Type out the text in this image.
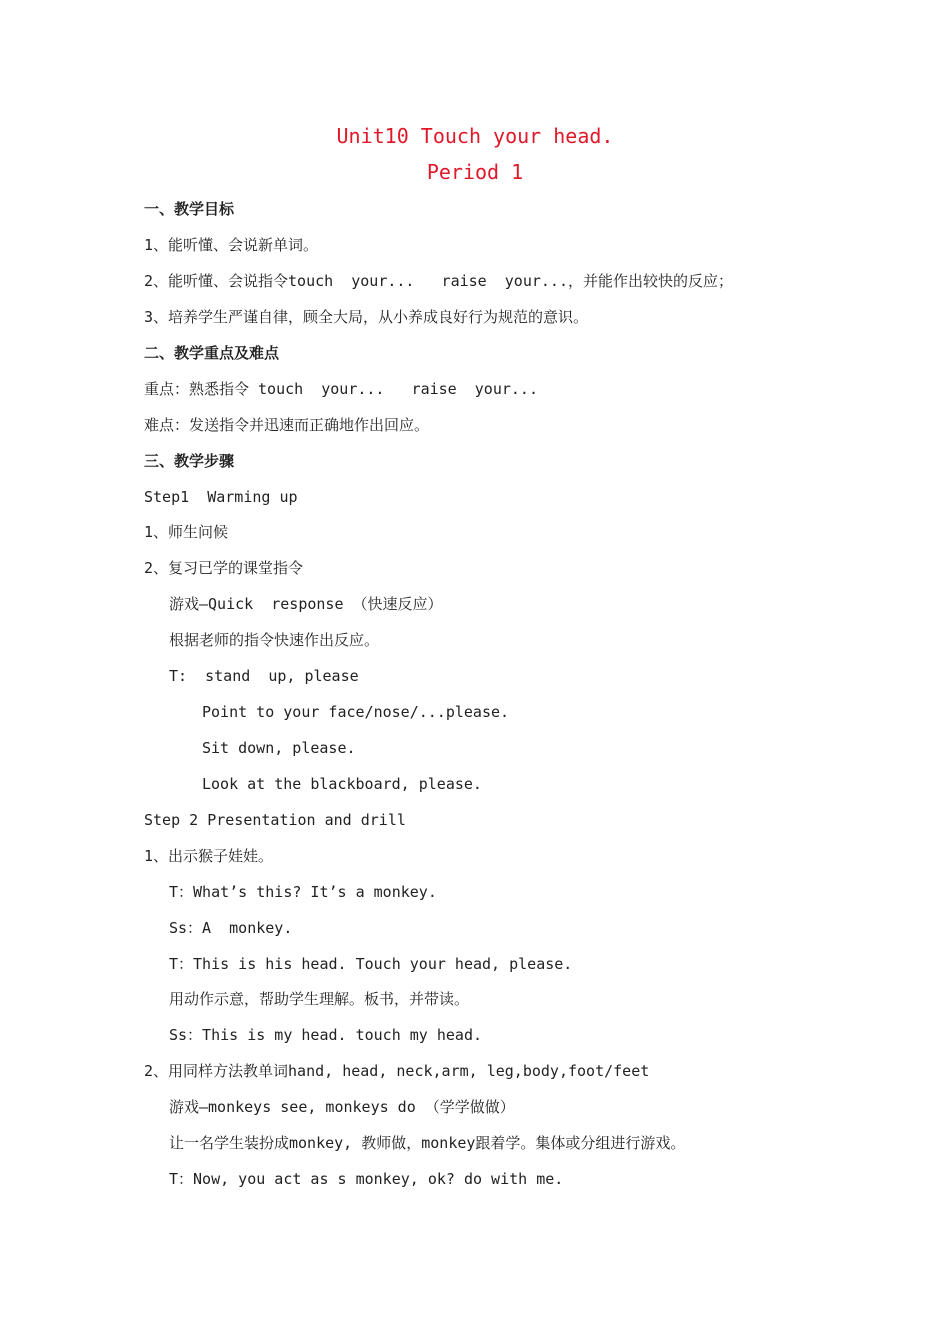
Unit10 Touch your head.
Period 1
一、教学目标
1、能听懂、会说新单词。
2、能听懂、会说指令touch  your...   raise  your...，并能作出较快的反应；
3、培养学生严谨自律，顾全大局，从小养成良好行为规范的意识。
二、教学重点及难点
重点：熟悉指令 touch  your...   raise  your...
难点：发送指令并迅速而正确地作出回应。
三、教学步骤
Step1  Warming up
1、师生问候
2、复习已学的课堂指令
游戏—Quick  response （快速反应）
根据老师的指令快速作出反应。
T:  stand  up, please
Point to your face/nose/...please.
Sit down, please.
Look at the blackboard, please.
Step 2 Presentation and drill
1、出示猴子娃娃。
T：What’s this? It’s a monkey.
Ss：A  monkey.
T：This is his head. Touch your head, please.
用动作示意，帮助学生理解。板书，并带读。
Ss：This is my head. touch my head.
2、用同样方法教单词hand, head, neck,arm, leg,body,foot/feet
游戏—monkeys see, monkeys do （学学做做）
让一名学生装扮成monkey, 教师做，monkey跟着学。集体或分组进行游戏。
T：Now, you act as s monkey, ok? do with me.
